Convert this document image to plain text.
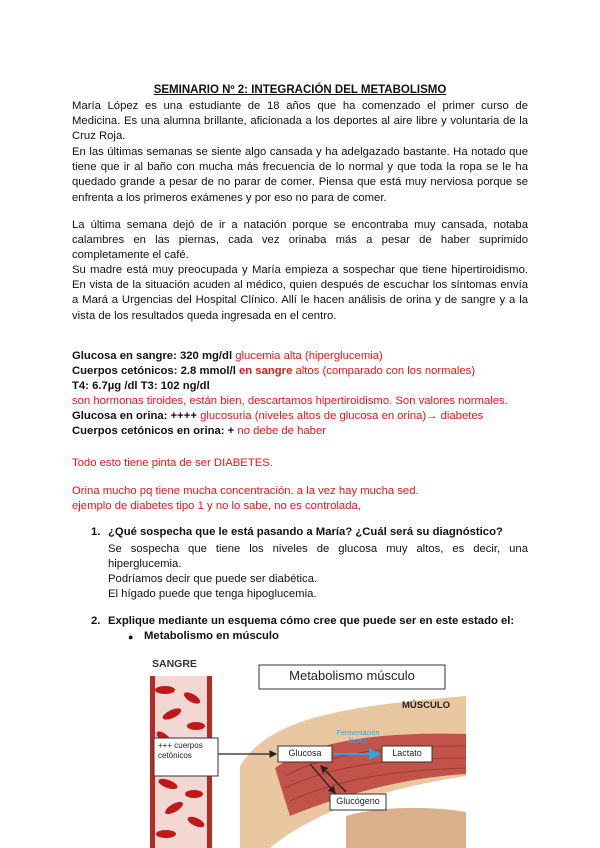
SEMINARIO Nº 2: INTEGRACIÓN DEL METABOLISMO

María López es una estudiante de 18 años que ha comenzado el primer curso de Medicina. Es una alumna brillante, aficionada a los deportes al aire libre y voluntaria de la Cruz Roja.

En las últimas semanas se siente algo cansada y ha adelgazado bastante. Ha notado que tiene que ir al baño con mucha más frecuencia de lo normal y que toda la ropa se le ha quedado grande a pesar de no parar de comer. Piensa que está muy nerviosa porque se enfrenta a los primeros exámenes y por eso no para de comer.

La última semana dejó de ir a natación porque se encontraba muy cansada, notaba calambres en las piernas, cada vez orinaba más a pesar de haber suprimido completamente el café.

Su madre está muy preocupada y María empieza a sospechar que tiene hipertiroidismo. En vista de la situación acuden al médico, quien después de escuchar los síntomas envía a Mará a Urgencias del Hospital Clínico. Allí le hacen análisis de orina y de sangre y a la vista de los resultados queda ingresada en el centro.

Glucosa en sangre: 320 mg/dl glucemia alta (hiperglucemia)
Cuerpos cetónicos: 2.8 mmol/l en sangre altos (comparado con los normales)
T4: 6.7µg /dl T3: 102 ng/dl
son hormonas tiroides, están bien, descartamos hipertiroidismo. Son valores normales.
Glucosa en orina: ++++ glucosuria (niveles altos de glucosa en orina)→ diabetes
Cuerpos cetónicos en orina: + no debe de haber
Todo esto tiene pinta de ser DIABETES.
Orina mucho pq tiene mucha concentración. a la vez hay mucha sed.
ejemplo de diabetes tipo 1 y no lo sabe, no es controlada,
1. ¿Qué sospecha que le está pasando a María? ¿Cuál será su diagnóstico?
Se sospecha que tiene los niveles de glucosa muy altos, es decir, una hiperglucemia.
Podríamos decir que puede ser diabética.
El hígado puede que tenga hipoglucemia.
2. Explique mediante un esquema cómo cree que puede ser en este estado el:
● Metabolismo en músculo
SANGRE
Metabolismo músculo
MÚSCULO
+++ cuerpos cetónicos	Glucosa	Lactato
Glucógeno
Fermentación láctea
